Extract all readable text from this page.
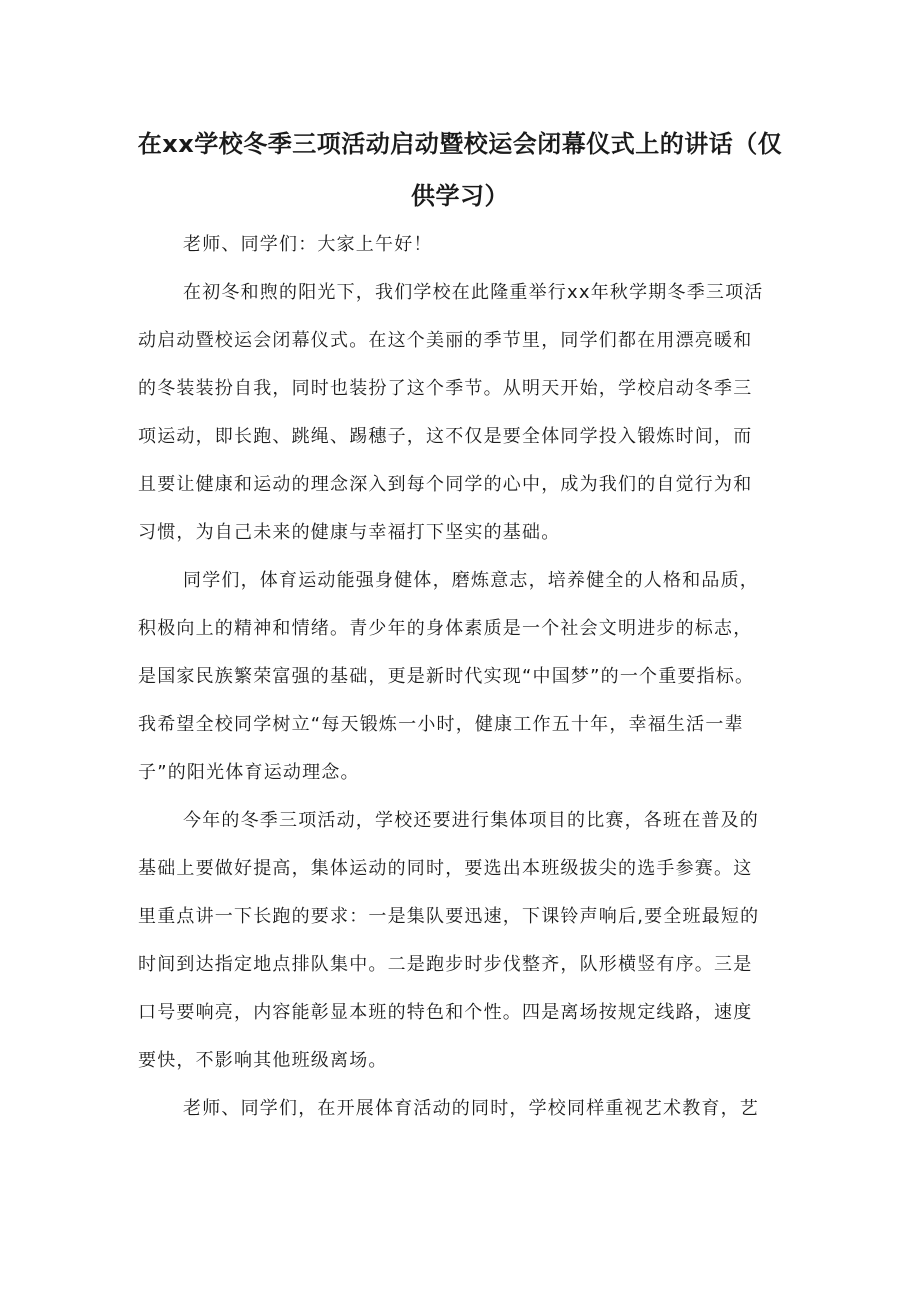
在xx学校冬季三项活动启动暨校运会闭幕仪式上的讲话（仅
供学习）
老师、同学们：大家上午好！
在初冬和煦的阳光下，我们学校在此隆重举行xx年秋学期冬季三项活
动启动暨校运会闭幕仪式。在这个美丽的季节里，同学们都在用漂亮暖和
的冬装装扮自我，同时也装扮了这个季节。从明天开始，学校启动冬季三
项运动，即长跑、跳绳、踢穗子，这不仅是要全体同学投入锻炼时间，而
且要让健康和运动的理念深入到每个同学的心中，成为我们的自觉行为和
习惯，为自己未来的健康与幸福打下坚实的基础。
同学们，体育运动能强身健体，磨炼意志，培养健全的人格和品质，
积极向上的精神和情绪。青少年的身体素质是一个社会文明进步的标志，
是国家民族繁荣富强的基础，更是新时代实现“中国梦”的一个重要指标。
我希望全校同学树立“每天锻炼一小时，健康工作五十年，幸福生活一辈
子”的阳光体育运动理念。
今年的冬季三项活动，学校还要进行集体项目的比赛，各班在普及的
基础上要做好提高，集体运动的同时，要选出本班级拔尖的选手参赛。这
里重点讲一下长跑的要求：一是集队要迅速，下课铃声响后,要全班最短的
时间到达指定地点排队集中。二是跑步时步伐整齐，队形横竖有序。三是
口号要响亮，内容能彰显本班的特色和个性。四是离场按规定线路，速度
要快，不影响其他班级离场。
老师、同学们，在开展体育活动的同时，学校同样重视艺术教育，艺
